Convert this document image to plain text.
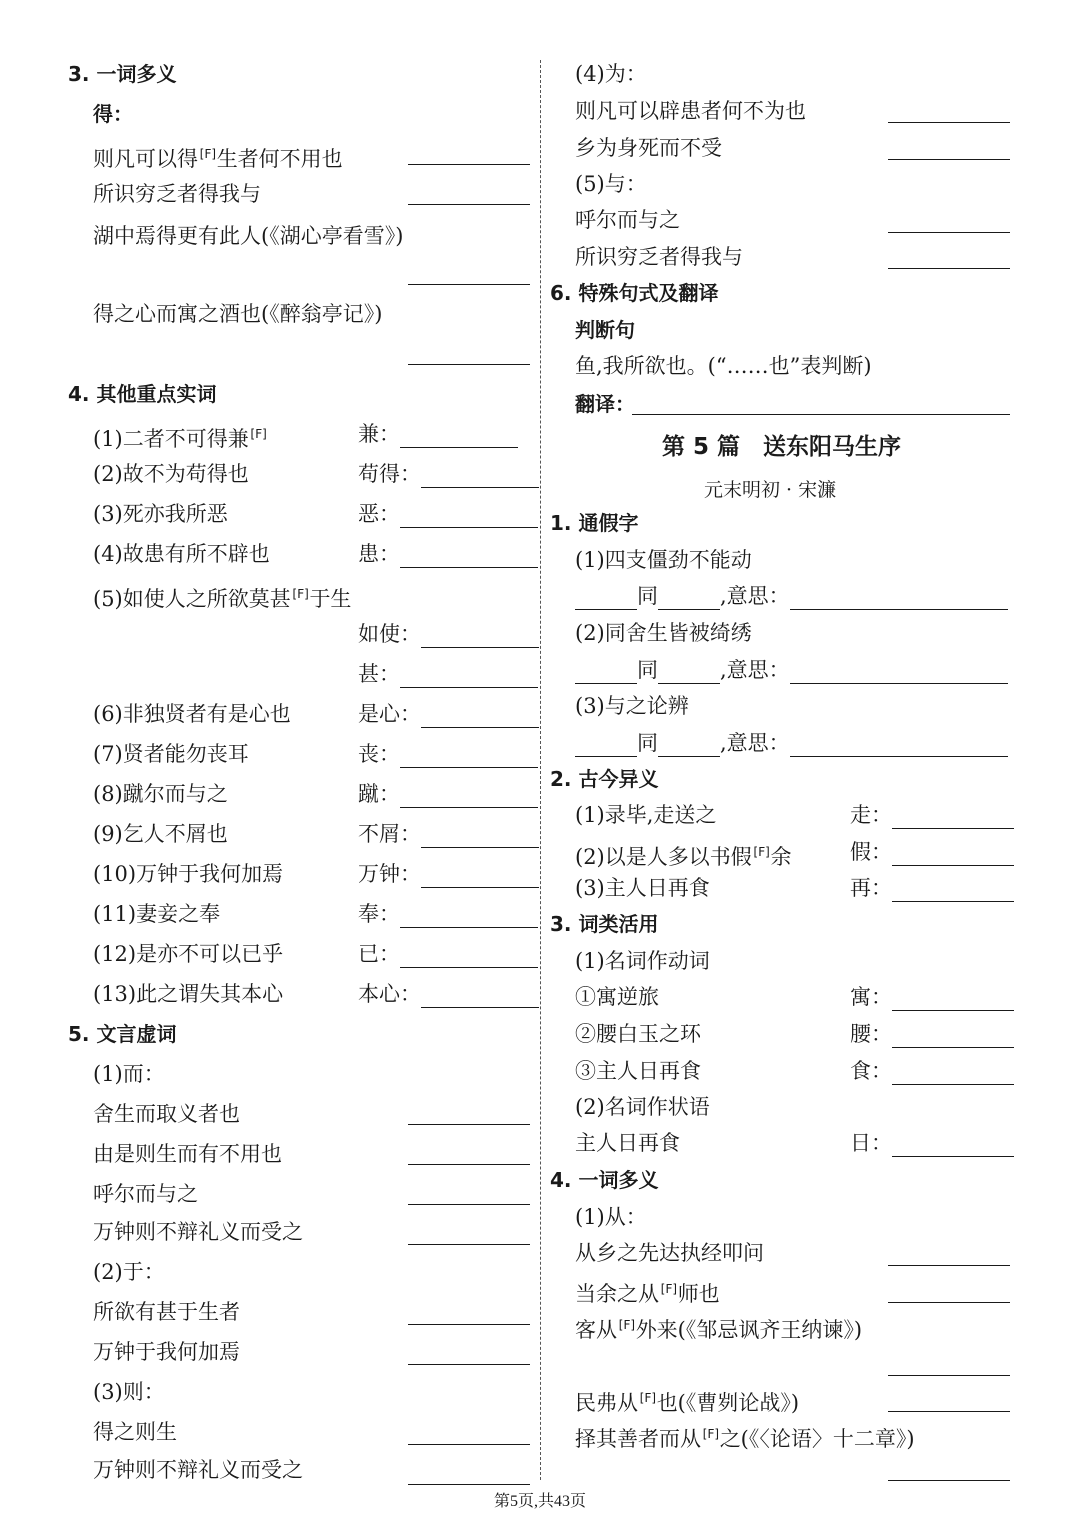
3. 一词多义
得：
则凡可以得[F]生者何不用也
所识穷乏者得我与
湖中焉得更有此人(《湖心亭看雪》)
得之心而寓之酒也(《醉翁亭记》)
4. 其他重点实词
(1)二者不可得兼[F]	兼：
(2)故不为苟得也	苟得：
(3)死亦我所恶	恶：
(4)故患有所不辟也	患：
(5)如使人之所欲莫甚[F]于生
如使：
甚：
(6)非独贤者有是心也	是心：
(7)贤者能勿丧耳	丧：
(8)蹴尔而与之	蹴：
(9)乞人不屑也	不屑：
(10)万钟于我何加焉	万钟：
(11)妻妾之奉	奉：
(12)是亦不可以已乎	已：
(13)此之谓失其本心	本心：
5. 文言虚词
(1)而：
舍生而取义者也
由是则生而有不用也
呼尔而与之
万钟则不辩礼义而受之
(2)于：
所欲有甚于生者
万钟于我何加焉
(3)则：
得之则生
万钟则不辩礼义而受之
(4)为：
则凡可以辟患者何不为也
乡为身死而不受
(5)与：
呼尔而与之
所识穷乏者得我与
6. 特殊句式及翻译
判断句
鱼,我所欲也。(“……也”表判断)
翻译：
第 5 篇　送东阳马生序
元末明初 · 宋濂
1. 通假字
(1)四支僵劲不能动
同	,意思：
(2)同舍生皆被绮绣
同	,意思：
(3)与之论辨
同	,意思：
2. 古今异义
(1)录毕,走送之	走：
(2)以是人多以书假[F]余	假：
(3)主人日再食	再：
3. 词类活用
(1)名词作动词
①寓逆旅	寓：
②腰白玉之环	腰：
③主人日再食	食：
(2)名词作状语
主人日再食	日：
4. 一词多义
(1)从：
从乡之先达执经叩问
当余之从[F]师也
客从[F]外来(《邹忌讽齐王纳谏》)
民弗从[F]也(《曹刿论战》)
择其善者而从[F]之(《〈论语〉十二章》)
第5页,共43页
